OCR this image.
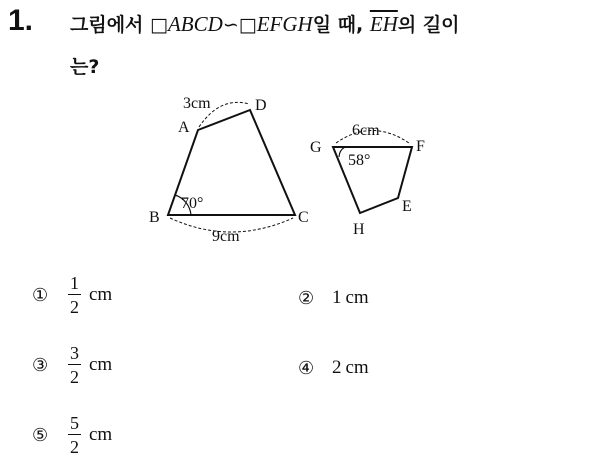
1. 그림에서 □ABCD∽□EFGH일 때, $\overline{EH}$의 길이
는?
3cm	D
A
70°
B	C
9cm
6cm
G	F
58°
E
H
①	$\frac{1}{2}$ cm	② 1 cm
③	$\frac{3}{2}$ cm	④ 2 cm
⑤	$\frac{5}{2}$ cm
